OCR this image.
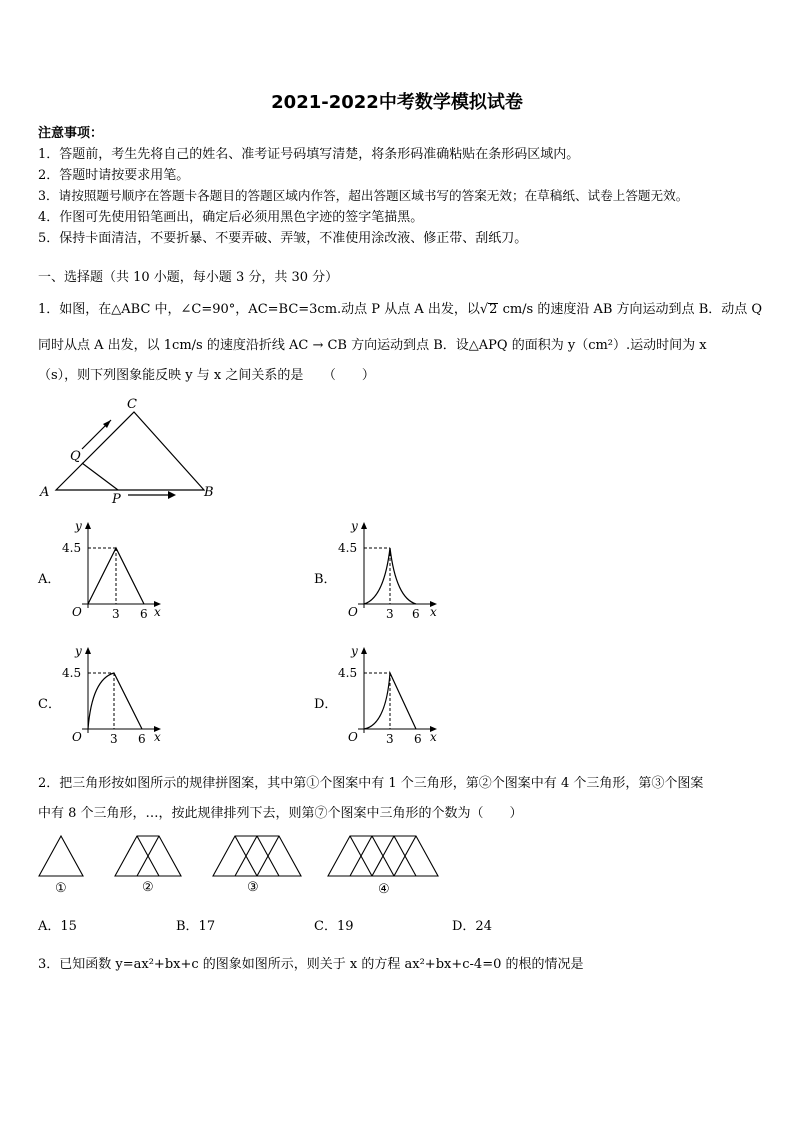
2021-2022中考数学模拟试卷
注意事项：
1．答题前，考生先将自己的姓名、准考证号码填写清楚，将条形码准确粘贴在条形码区域内。
2．答题时请按要求用笔。
3．请按照题号顺序在答题卡各题目的答题区域内作答，超出答题区域书写的答案无效；在草稿纸、试卷上答题无效。
4．作图可先使用铅笔画出，确定后必须用黑色字迹的签字笔描黑。
5．保持卡面清洁，不要折暴、不要弄破、弄皱，不准使用涂改液、修正带、刮纸刀。
一、选择题（共 10 小题，每小题 3 分，共 30 分）
1．如图，在△ABC 中，∠C=90°，AC=BC=3cm.动点 P 从点 A 出发，以√2 cm/s 的速度沿 AB 方向运动到点 B．动点 Q
同时从点 A 出发，以 1cm/s 的速度沿折线 AC → CB 方向运动到点 B．设△APQ 的面积为 y（cm²）.运动时间为 x
（s），则下列图象能反映 y 与 x 之间关系的是　　（　　）
A	B
C
P
Q
A．	B．
C．	D．
y
x
O
4.5
3 6
y
x
O
4.5
3 6
y
x
O
4.5
3 6
y
x
O
4.5
3 6
2．把三角形按如图所示的规律拼图案，其中第①个图案中有 1 个三角形，第②个图案中有 4 个三角形，第③个图案
中有 8 个三角形，…，按此规律排列下去，则第⑦个图案中三角形的个数为（　　）
①	②	③	④
A．15	B．17	C．19	D．24
3．已知函数 y=ax²+bx+c 的图象如图所示，则关于 x 的方程 ax²+bx+c-4=0 的根的情况是
